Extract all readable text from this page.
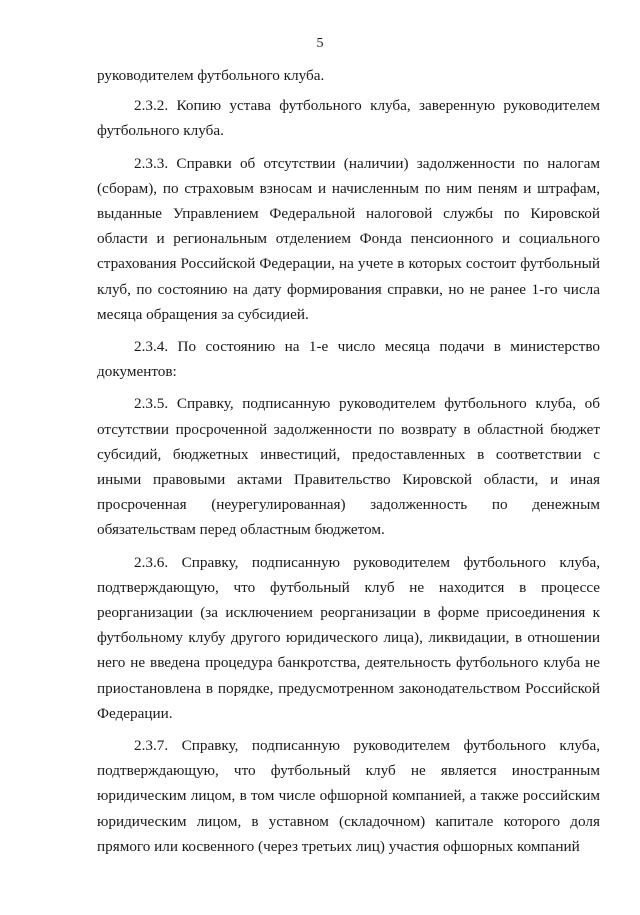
5

руководителем футбольного клуба.

2.3.2. Копию устава футбольного клуба, заверенную руководителем футбольного клуба.

2.3.3. Справки об отсутствии (наличии) задолженности по налогам (сборам), по страховым взносам и начисленным по ним пеням и штрафам, выданные Управлением Федеральной налоговой службы по Кировской области и региональным отделением Фонда пенсионного и социального страхования Российской Федерации, на учете в которых состоит футбольный клуб, по состоянию на дату формирования справки, но не ранее 1-го числа месяца обращения за субсидией.

2.3.4. По состоянию на 1-е число месяца подачи в министерство документов:

2.3.5. Справку, подписанную руководителем футбольного клуба, об отсутствии просроченной задолженности по возврату в областной бюджет субсидий, бюджетных инвестиций, предоставленных в соответствии с иными правовыми актами Правительство Кировской области, и иная просроченная (неурегулированная) задолженность по денежным обязательствам перед областным бюджетом.

2.3.6. Справку, подписанную руководителем футбольного клуба, подтверждающую, что футбольный клуб не находится в процессе реорганизации (за исключением реорганизации в форме присоединения к футбольному клубу другого юридического лица), ликвидации, в отношении него не введена процедура банкротства, деятельность футбольного клуба не приостановлена в порядке, предусмотренном законодательством Российской Федерации.

2.3.7. Справку, подписанную руководителем футбольного клуба, подтверждающую, что футбольный клуб не является иностранным юридическим лицом, в том числе офшорной компанией, а также российским юридическим лицом, в уставном (складочном) капитале которого доля прямого или косвенного (через третьих лиц) участия офшорных компаний
